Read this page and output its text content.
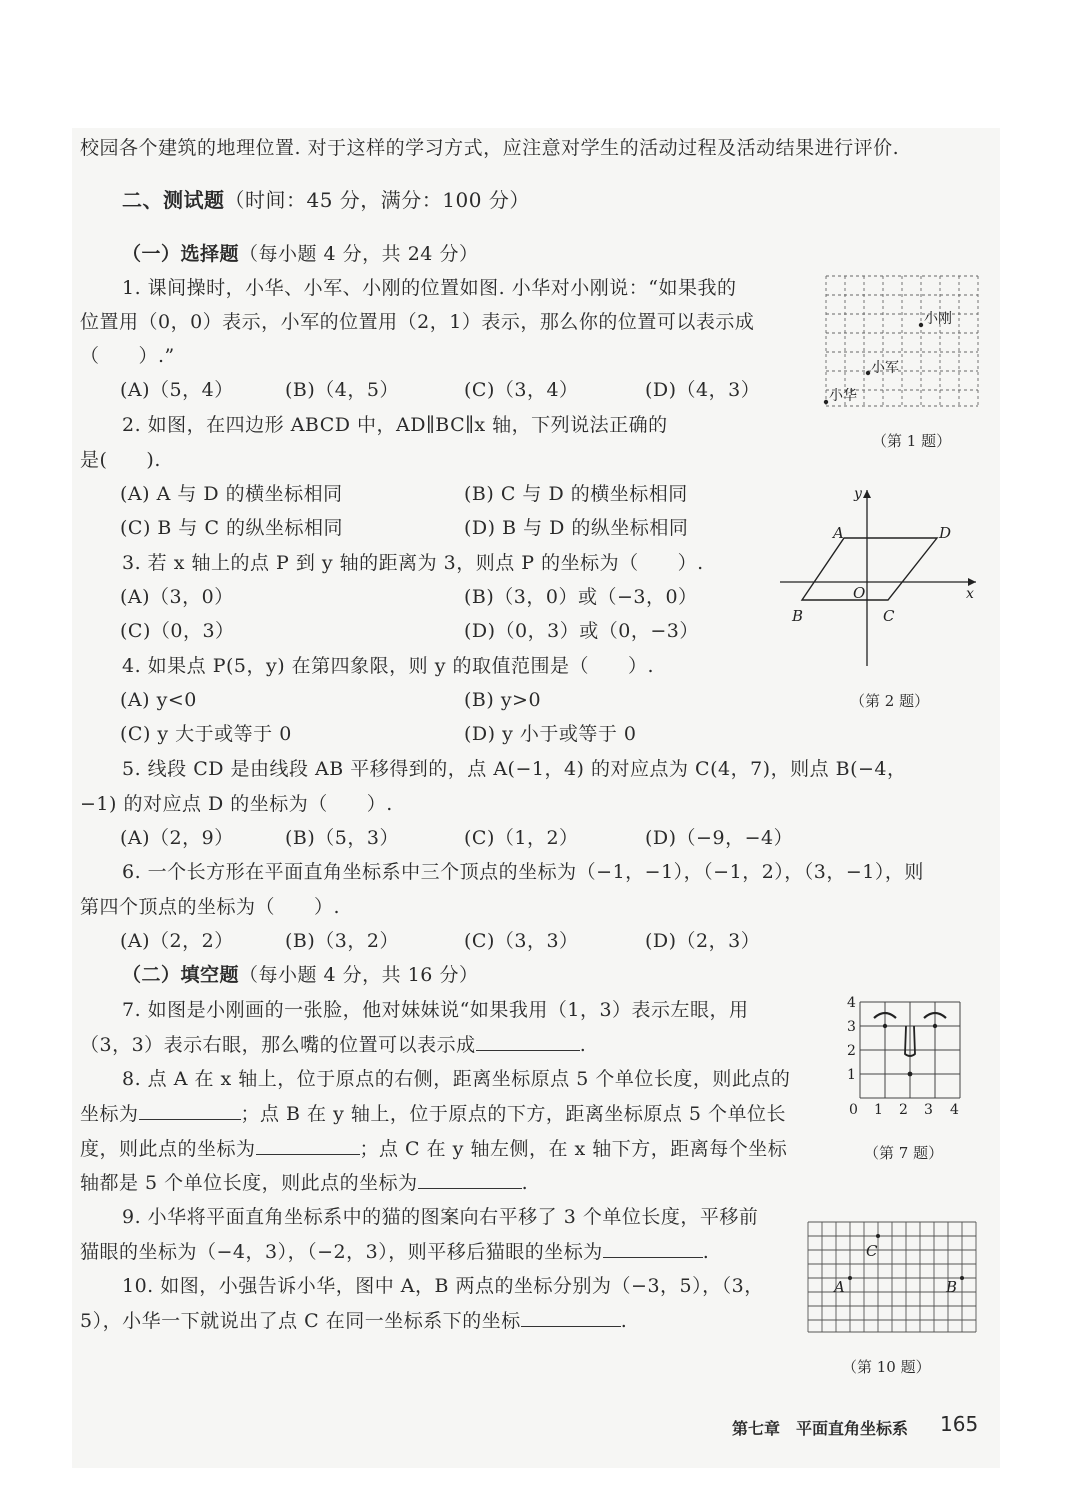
校园各个建筑的地理位置. 对于这样的学习方式，应注意对学生的活动过程及活动结果进行评价.
二、测试题（时间：45 分，满分：100 分）
（一）选择题（每小题 4 分，共 24 分）
1. 课间操时，小华、小军、小刚的位置如图. 小华对小刚说：“如果我的
位置用（0，0）表示，小军的位置用（2，1）表示，那么你的位置可以表示成
（　　）.”
(A)（5，4）	(B)（4，5）	(C)（3，4）	(D)（4，3）
2. 如图，在四边形 ABCD 中，AD∥BC∥x 轴，下列说法正确的
是(　　).
(A) A 与 D 的横坐标相同	(B) C 与 D 的横坐标相同
(C) B 与 C 的纵坐标相同	(D) B 与 D 的纵坐标相同
3. 若 x 轴上的点 P 到 y 轴的距离为 3，则点 P 的坐标为（　　）.
(A)（3，0）	(B)（3，0）或（−3，0）
(C)（0，3）	(D)（0，3）或（0，−3）
4. 如果点 P(5，y) 在第四象限，则 y 的取值范围是（　　）.
(A) y<0	(B) y>0
(C) y 大于或等于 0	(D) y 小于或等于 0
5. 线段 CD 是由线段 AB 平移得到的，点 A(−1，4) 的对应点为 C(4，7)，则点 B(−4，
−1) 的对应点 D 的坐标为（　　）.
(A)（2，9）	(B)（5，3）	(C)（1，2）	(D)（−9，−4）
6. 一个长方形在平面直角坐标系中三个顶点的坐标为（−1，−1），（−1，2），（3，−1），则
第四个顶点的坐标为（　　）.
(A)（2，2）	(B)（3，2）	(C)（3，3）	(D)（2，3）
（二）填空题（每小题 4 分，共 16 分）
7. 如图是小刚画的一张脸，他对妹妹说“如果我用（1，3）表示左眼，用
（3，3）表示右眼，那么嘴的位置可以表示成	.
8. 点 A 在 x 轴上，位于原点的右侧，距离坐标原点 5 个单位长度，则此点的
坐标为	；点 B 在 y 轴上，位于原点的下方，距离坐标原点 5 个单位长
度，则此点的坐标为	；点 C 在 y 轴左侧，在 x 轴下方，距离每个坐标
轴都是 5 个单位长度，则此点的坐标为	.
9. 小华将平面直角坐标系中的猫的图案向右平移了 3 个单位长度，平移前
猫眼的坐标为（−4，3），（−2，3），则平移后猫眼的坐标为	.
10. 如图，小强告诉小华，图中 A，B 两点的坐标分别为（−3，5），（3，
5），小华一下就说出了点 C 在同一坐标系下的坐标	.
小刚
小军
小华
（第 1 题）
A	D
B	C
O	x
y
（第 2 题）
4
3
2
1
0 1 2 3 4
（第 7 题）
C
A	B
（第 10 题）
第七章　平面直角坐标系 165
